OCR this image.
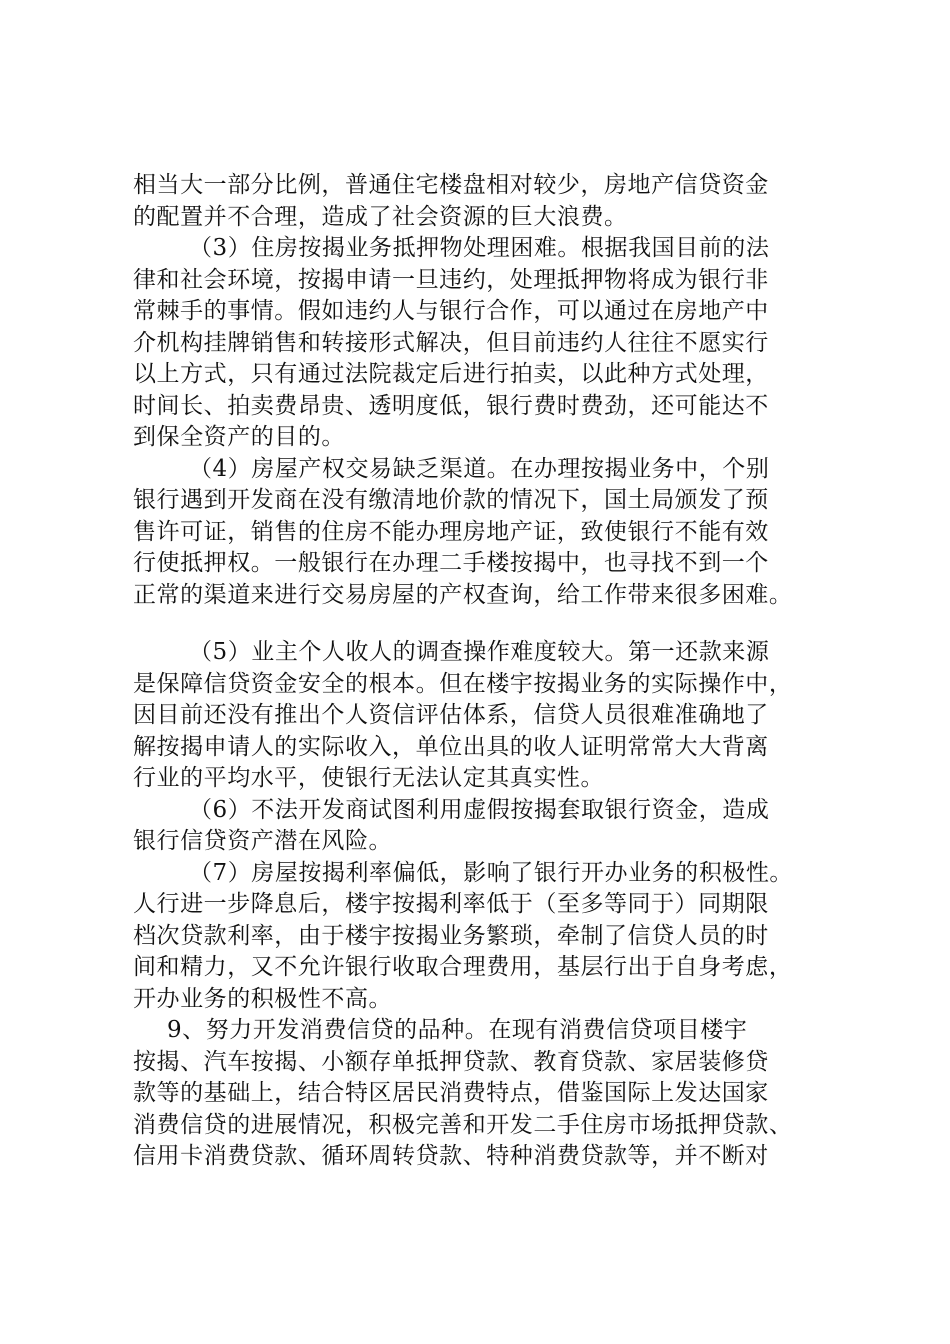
相当大一部分比例，普通住宅楼盘相对较少，房地产信贷资金
的配置并不合理，造成了社会资源的巨大浪费。
（3）住房按揭业务抵押物处理困难。根据我国目前的法
律和社会环境，按揭申请一旦违约，处理抵押物将成为银行非
常棘手的事情。假如违约人与银行合作，可以通过在房地产中
介机构挂牌销售和转接形式解决，但目前违约人往往不愿实行
以上方式，只有通过法院裁定后进行拍卖，以此种方式处理，
时间长、拍卖费昂贵、透明度低，银行费时费劲，还可能达不
到保全资产的目的。
（4）房屋产权交易缺乏渠道。在办理按揭业务中，个别
银行遇到开发商在没有缴清地价款的情况下，国土局颁发了预
售许可证，销售的住房不能办理房地产证，致使银行不能有效
行使抵押权。一般银行在办理二手楼按揭中，也寻找不到一个
正常的渠道来进行交易房屋的产权查询，给工作带来很多困难。
（5）业主个人收人的调查操作难度较大。第一还款来源
是保障信贷资金安全的根本。但在楼宇按揭业务的实际操作中，
因目前还没有推出个人资信评估体系，信贷人员很难准确地了
解按揭申请人的实际收入，单位出具的收人证明常常大大背离
行业的平均水平，使银行无法认定其真实性。
（6）不法开发商试图利用虚假按揭套取银行资金，造成
银行信贷资产潜在风险。
（7）房屋按揭利率偏低，影响了银行开办业务的积极性。
人行进一步降息后，楼宇按揭利率低于（至多等同于）同期限
档次贷款利率，由于楼宇按揭业务繁琐，牵制了信贷人员的时
间和精力，又不允许银行收取合理费用，基层行出于自身考虑，
开办业务的积极性不高。
9、努力开发消费信贷的品种。在现有消费信贷项目楼宇
按揭、汽车按揭、小额存单抵押贷款、教育贷款、家居装修贷
款等的基础上，结合特区居民消费特点，借鉴国际上发达国家
消费信贷的进展情况，积极完善和开发二手住房市场抵押贷款、
信用卡消费贷款、循环周转贷款、特种消费贷款等，并不断对
